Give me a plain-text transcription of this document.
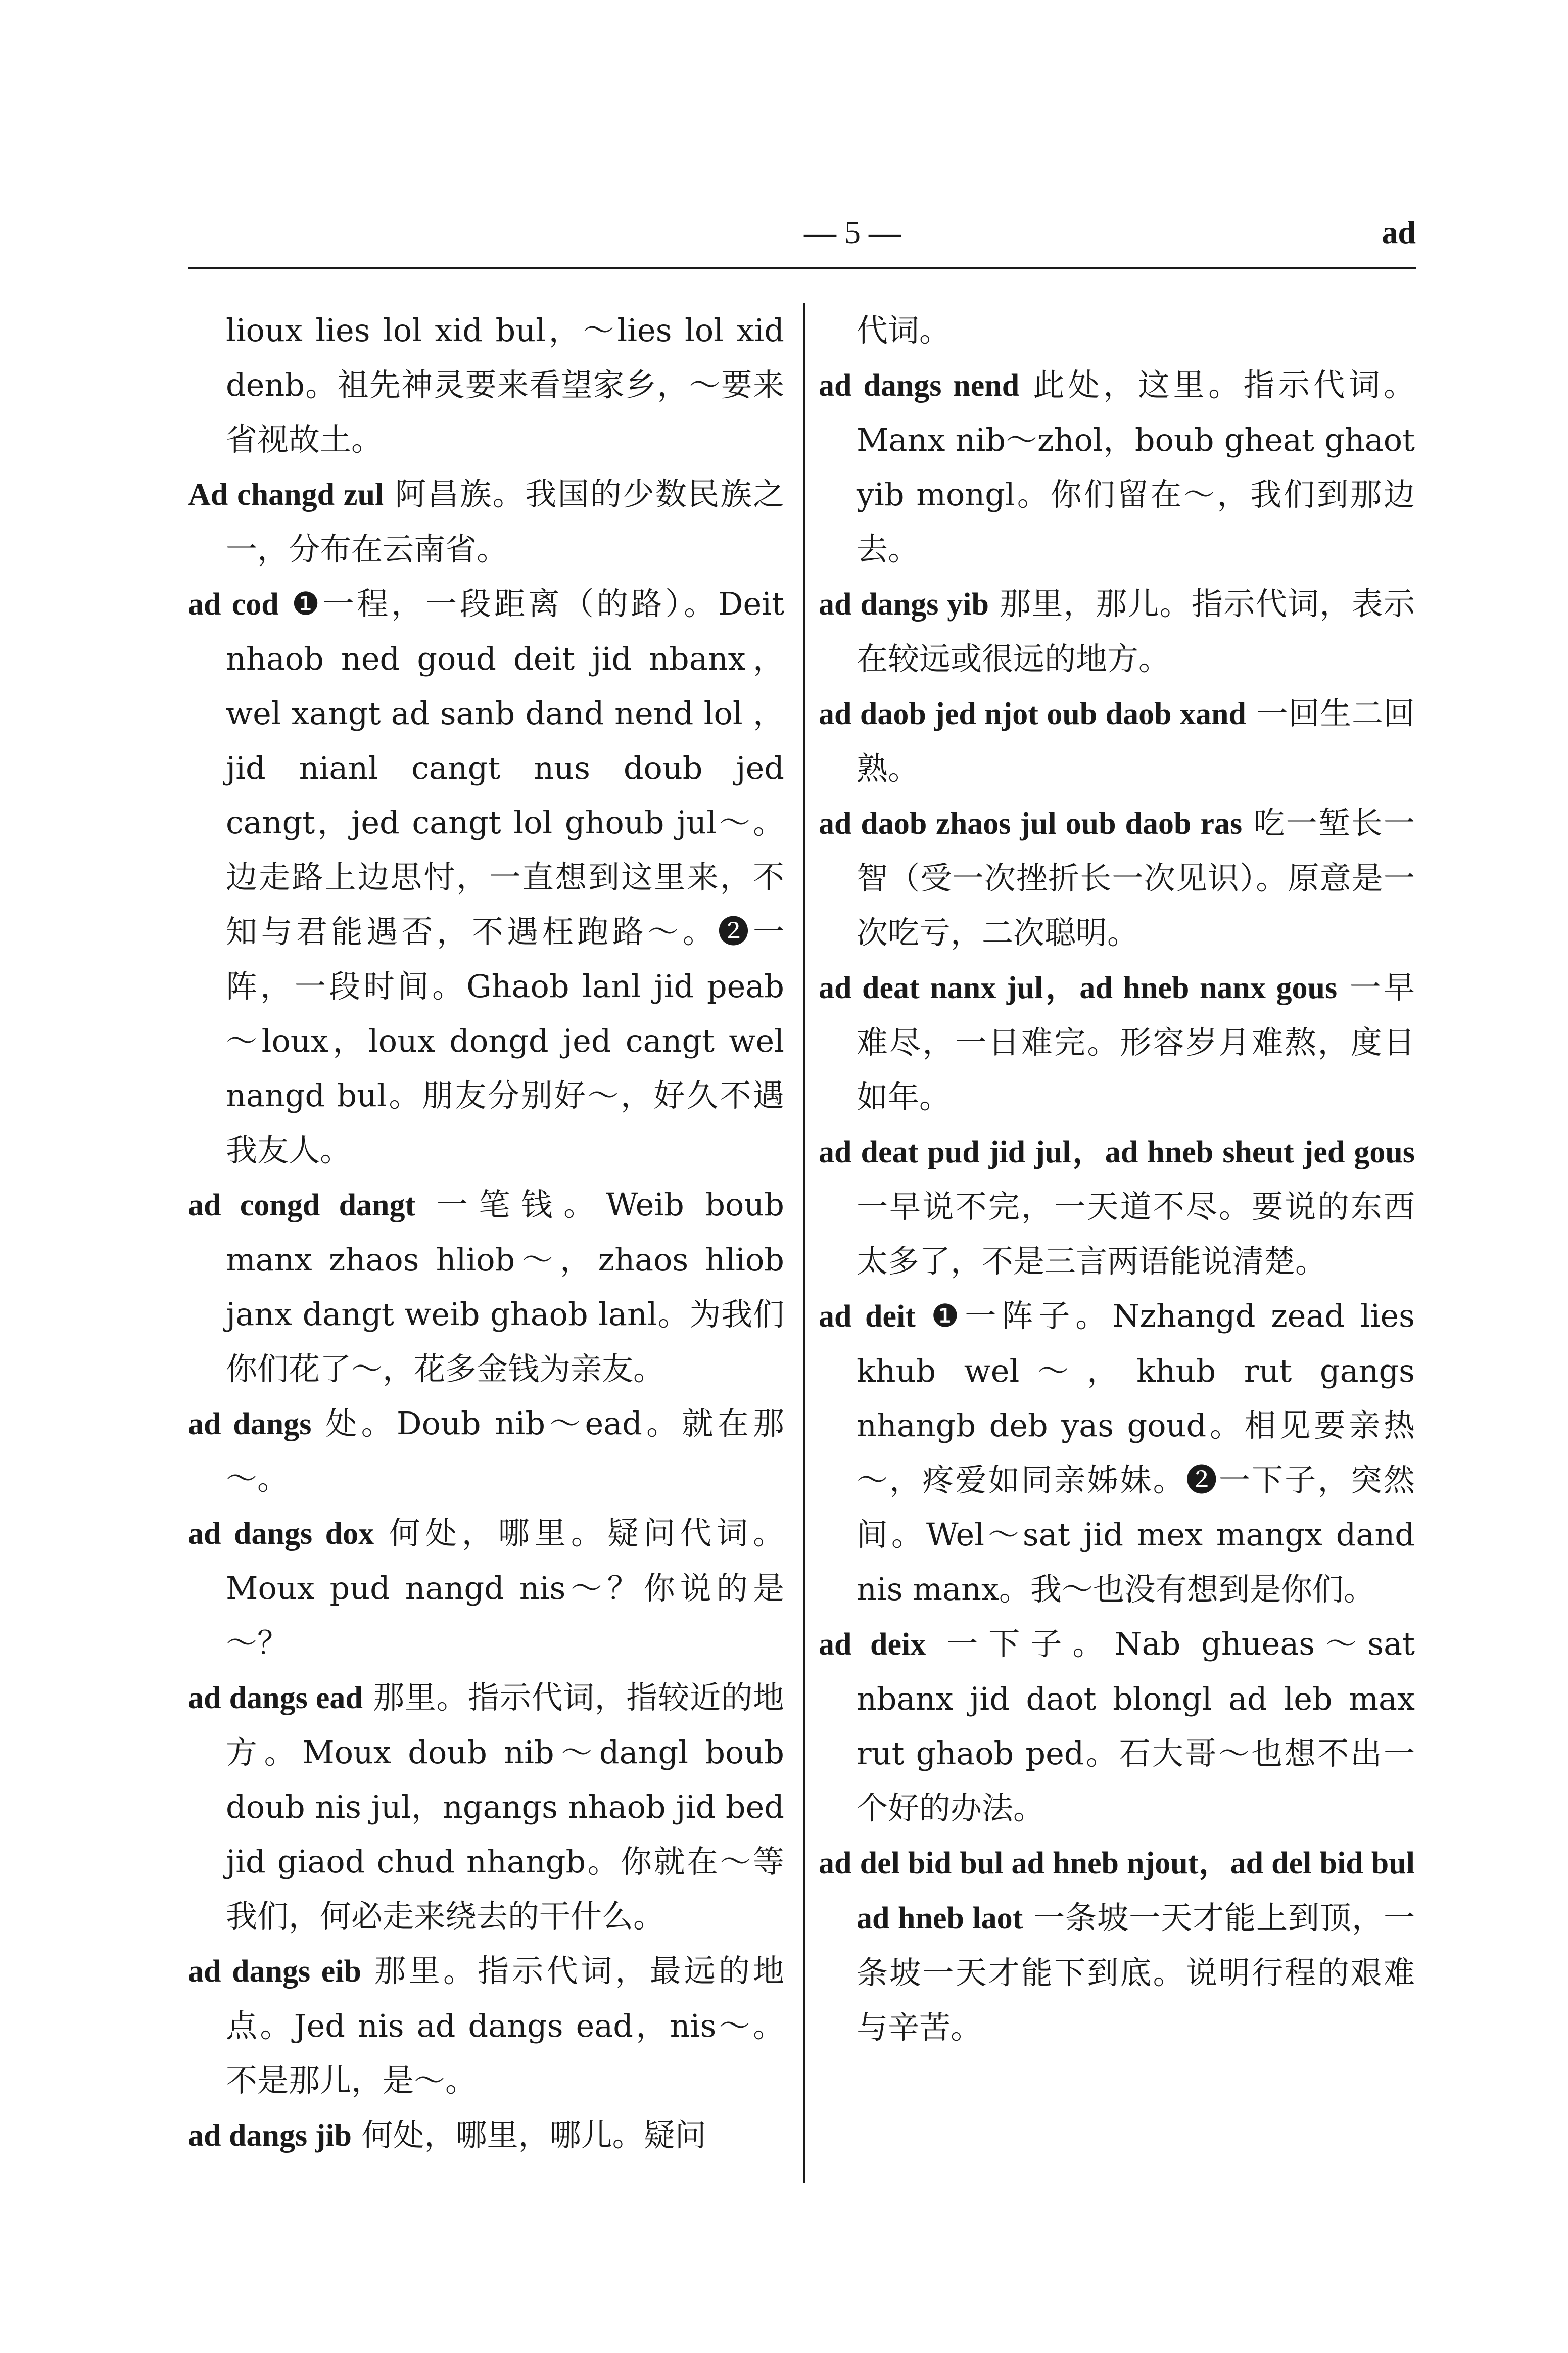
— 5 —	ad

lioux lies lol xid bul，～lies lol xid denb。祖先神灵要来看望家乡，～要来省视故土。

Ad changd zul 阿昌族。我国的少数民族之一，分布在云南省。

ad cod ❶一程，一段距离（的路）。Deit nhaob ned goud deit jid nbanx，wel xangt ad sanb dand nend lol ，jid nianl cangt nus doub jed cangt，jed cangt lol ghoub jul～。边走路上边思忖，一直想到这里来，不知与君能遇否，不遇枉跑路～。❷一阵，一段时间。Ghaob lanl jid peab～loux，loux dongd jed cangt wel nangd bul。朋友分别好～，好久不遇我友人。

ad congd dangt 一笔钱。Weib boub manx zhaos hliob～，zhaos hliob janx dangt weib ghaob lanl。为我们你们花了～，花多金钱为亲友。

ad dangs 处。Doub nib～ead。就在那～。

ad dangs dox 何处，哪里。疑问代词。Moux pud nangd nis～？你说的是～？

ad dangs ead 那里。指示代词，指较近的地方。Moux doub nib～dangl boub doub nis jul，ngangs nhaob jid bed jid giaod chud nhangb。你就在～等我们，何必走来绕去的干什么。

ad dangs eib 那里。指示代词，最远的地点。Jed nis ad dangs ead，nis～。不是那儿，是～。

ad dangs jib 何处，哪里，哪儿。疑问

代词。

ad dangs nend 此处，这里。指示代词。Manx nib～zhol，boub gheat ghaot yib mongl。你们留在～，我们到那边去。

ad dangs yib 那里，那儿。指示代词，表示在较远或很远的地方。

ad daob jed njot oub daob xand 一回生二回熟。

ad daob zhaos jul oub daob ras 吃一堑长一智（受一次挫折长一次见识）。原意是一次吃亏，二次聪明。

ad deat nanx jul，ad hneb nanx gous 一早难尽，一日难完。形容岁月难熬，度日如年。

ad deat pud jid jul，ad hneb sheut jed gous 一早说不完，一天道不尽。要说的东西太多了，不是三言两语能说清楚。

ad deit ❶一阵子。Nzhangd zead lies khub wel～，khub rut gangs nhangb deb yas goud。相见要亲热～，疼爱如同亲姊妹。❷一下子，突然间。Wel～sat jid mex mangx dand nis manx。我～也没有想到是你们。

ad deix 一下子。Nab ghueas～sat nbanx jid daot blongl ad leb max rut ghaob ped。石大哥～也想不出一个好的办法。

ad del bid bul ad hneb njout，ad del bid bul ad hneb laot 一条坡一天才能上到顶，一条坡一天才能下到底。说明行程的艰难与辛苦。
